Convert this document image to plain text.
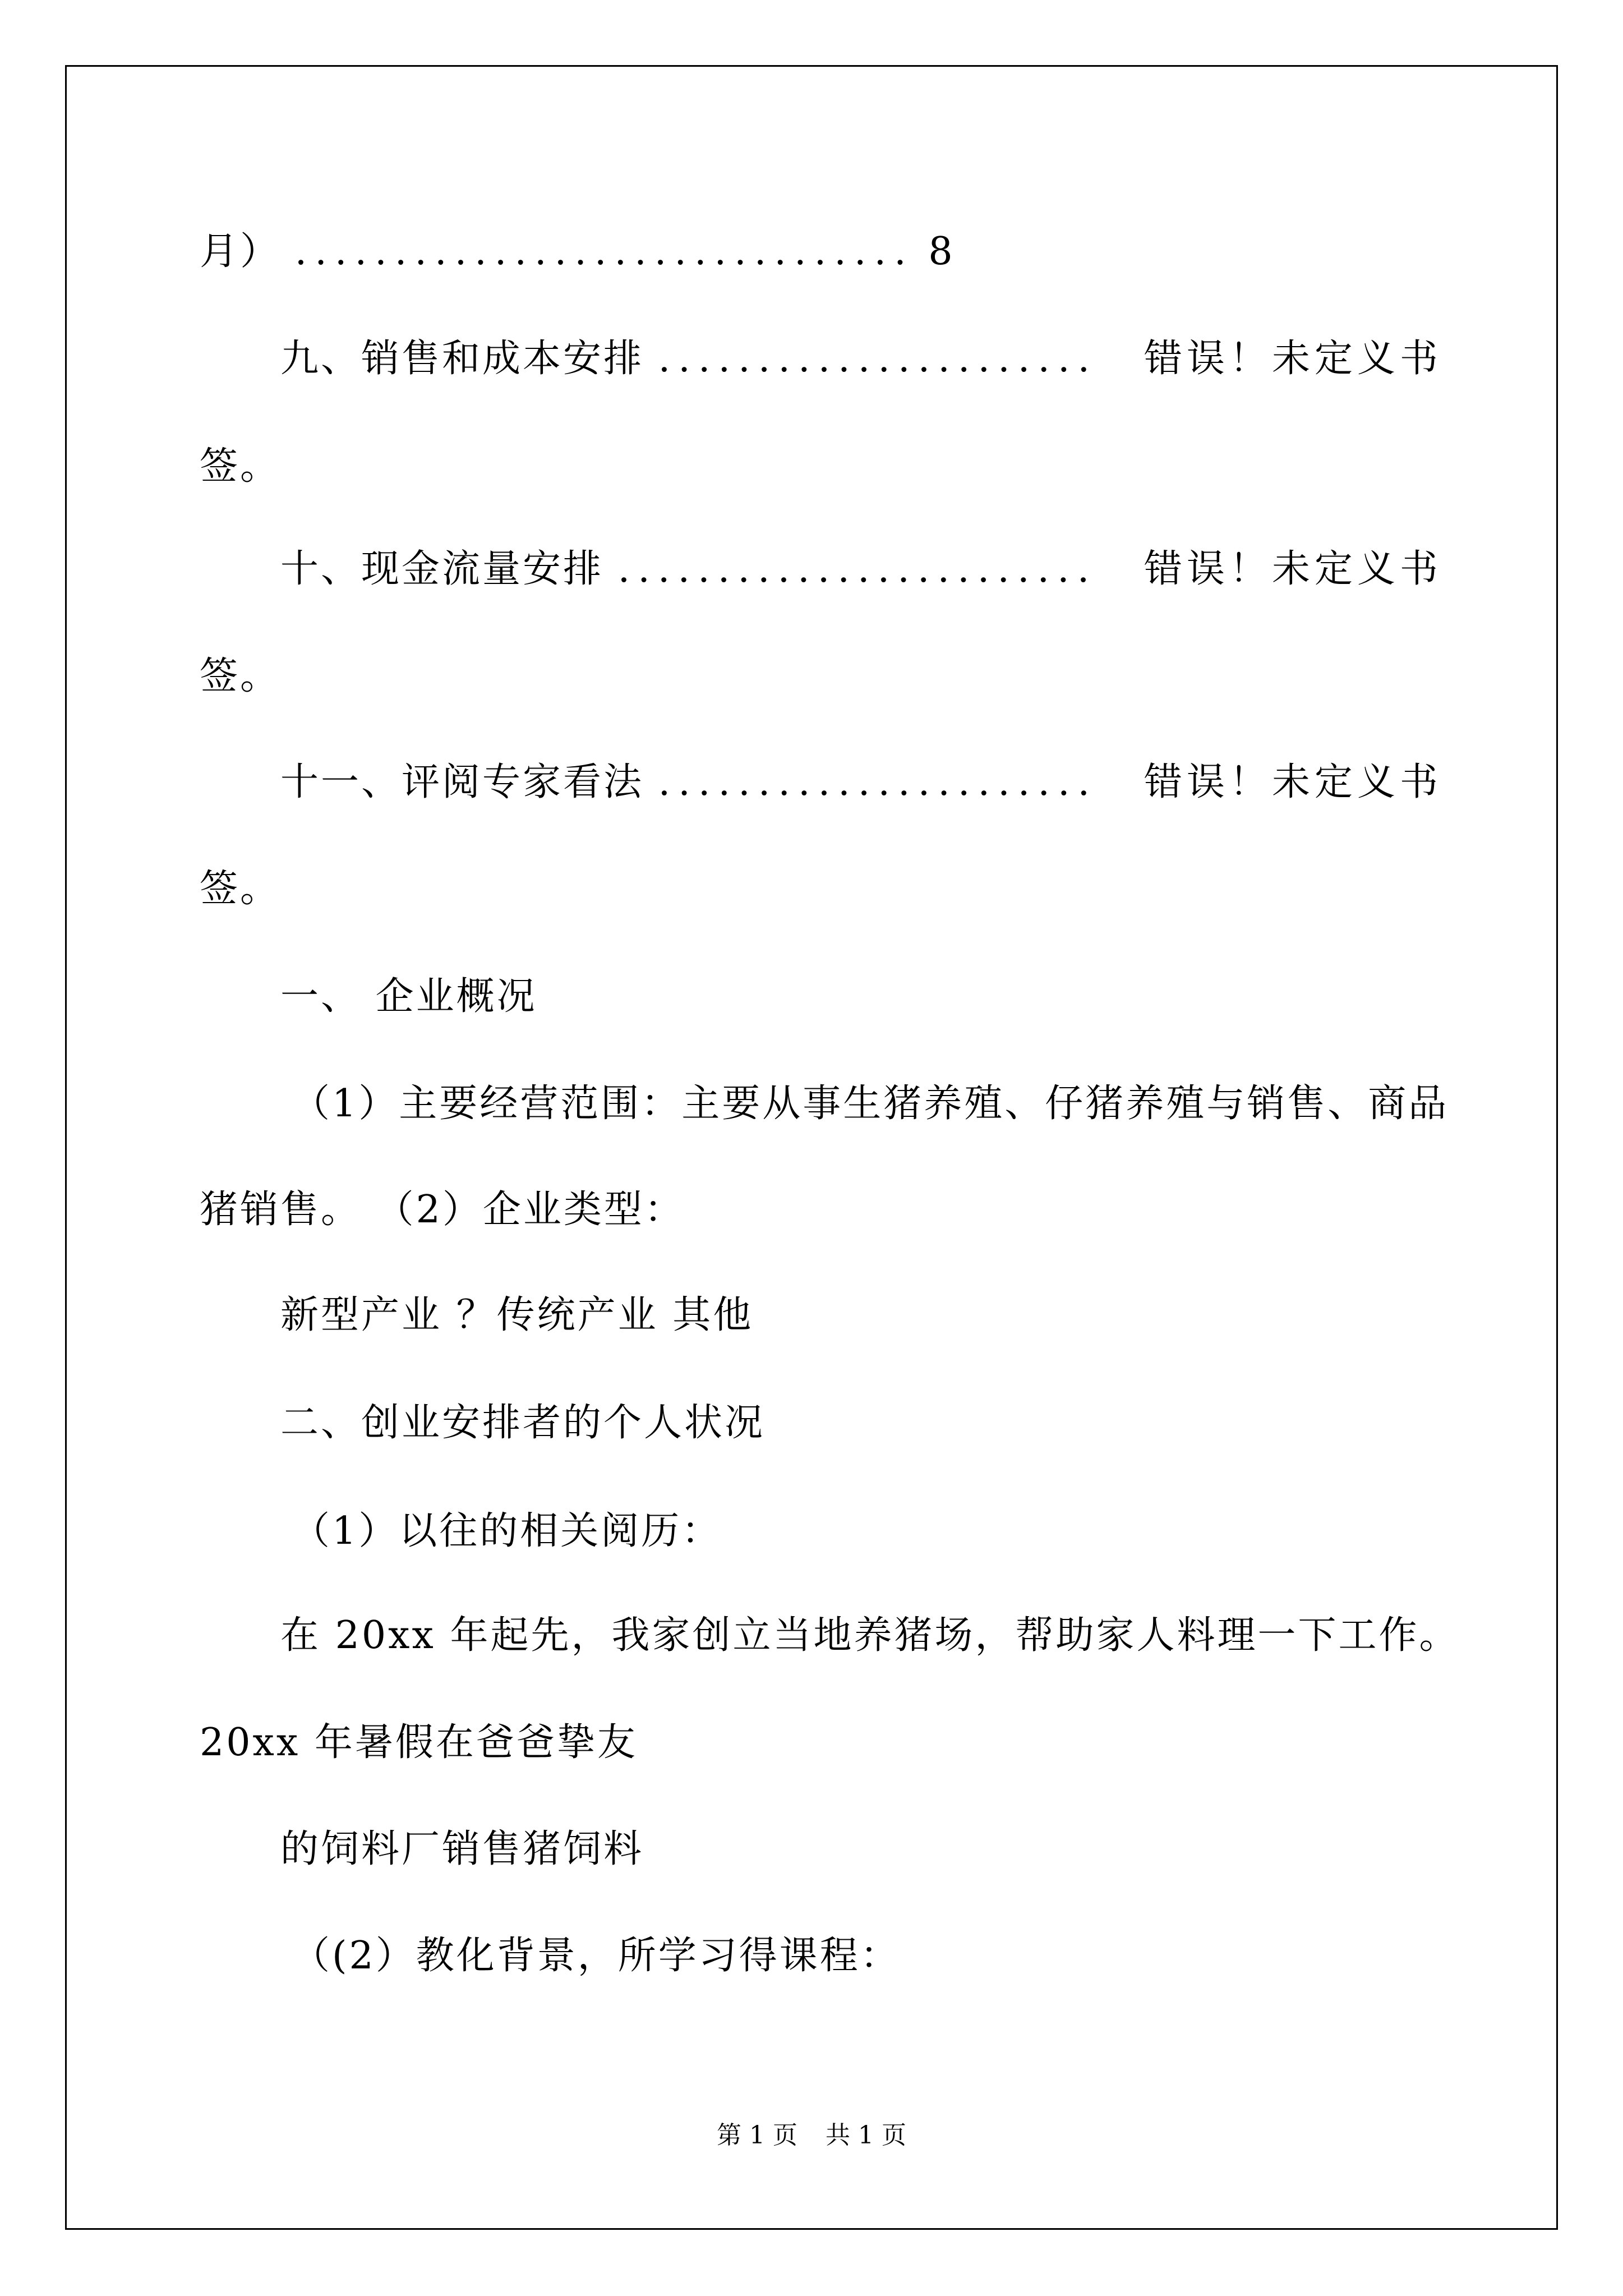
月） ............................... 8
九、销售和成本安排 ...................... 错误！未定义书
签。
十、现金流量安排 ........................ 错误！未定义书
签。
十一、评阅专家看法 ...................... 错误！未定义书
签。
一、 企业概况
（1）主要经营范围：主要从事生猪养殖、仔猪养殖与销售、商品
猪销售。 （2）企业类型：
新型产业 ？传统产业 其他
二、创业安排者的个人状况
（1）以往的相关阅历：
在 20xx 年起先，我家创立当地养猪场，帮助家人料理一下工作。
20xx 年暑假在爸爸挚友
的饲料厂销售猪饲料
（(2）教化背景，所学习得课程：
第 1 页 共 1 页
